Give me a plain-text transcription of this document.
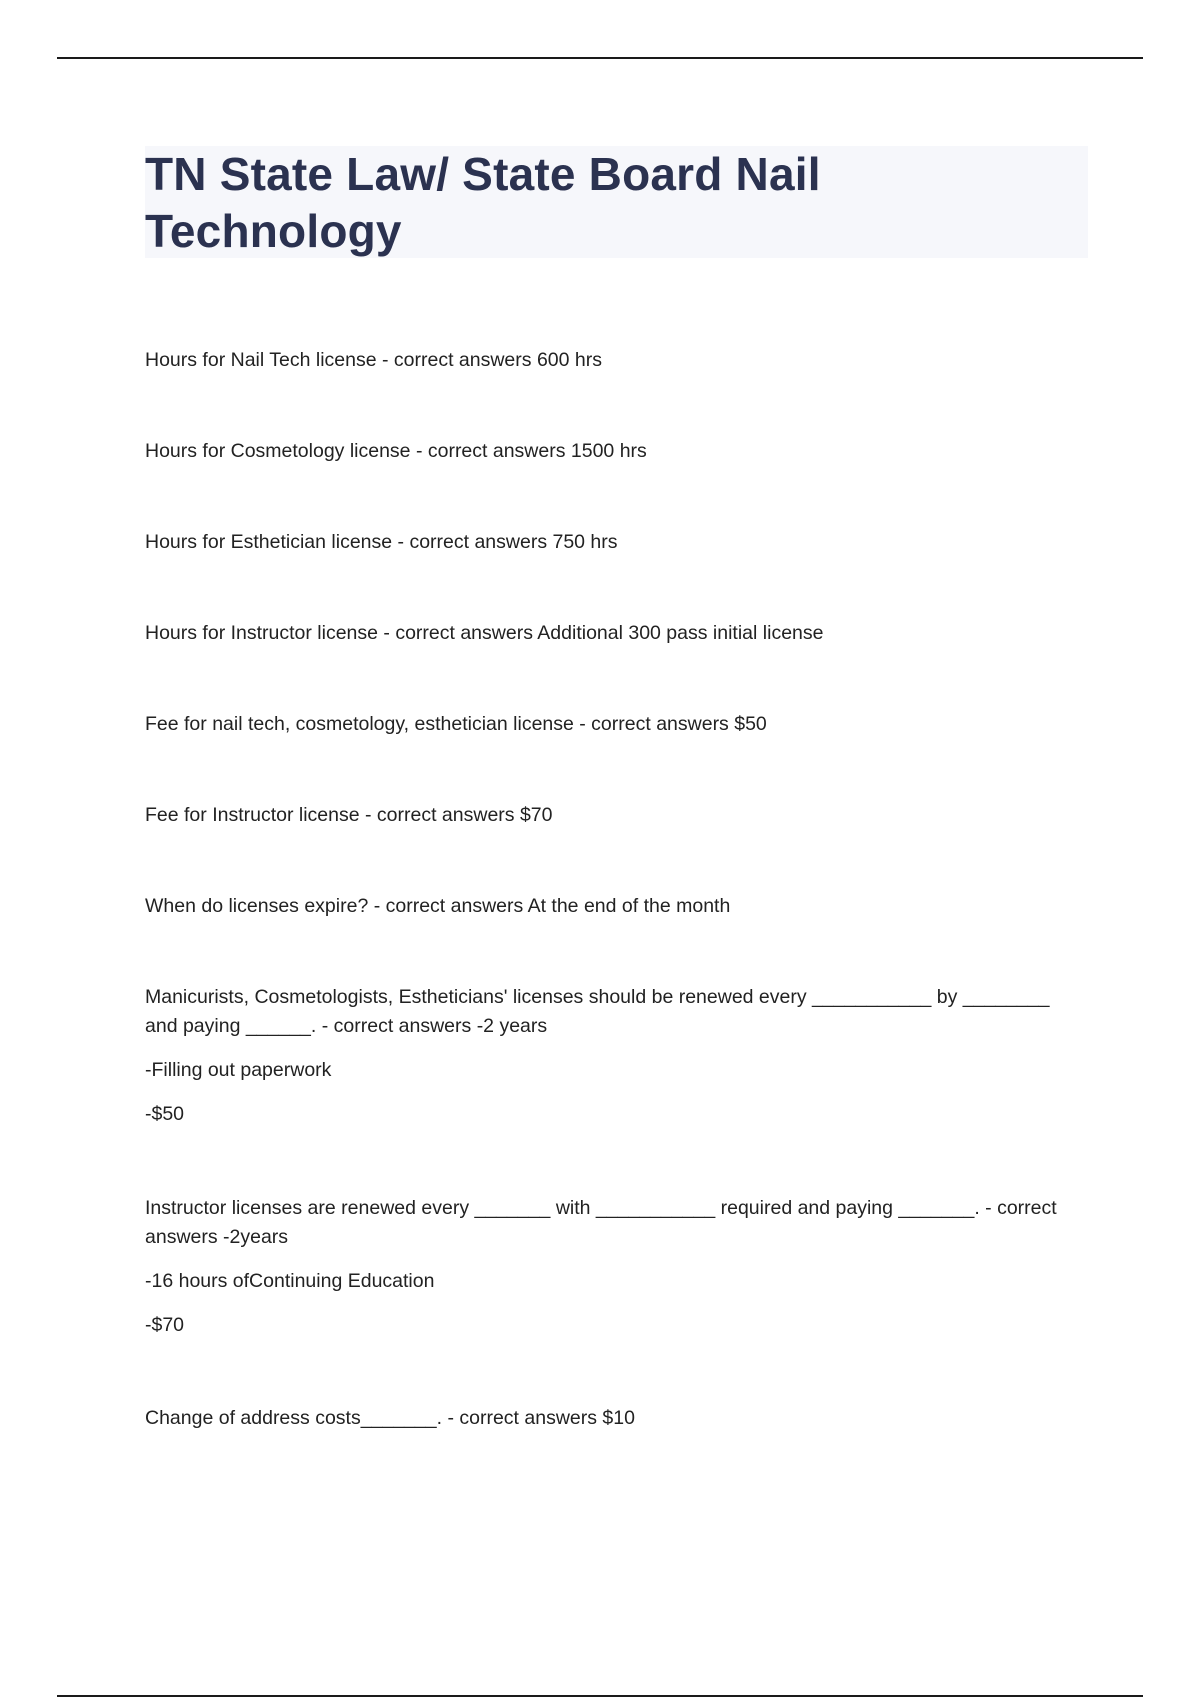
TN State Law/ State Board Nail Technology

Hours for Nail Tech license - correct answers 600 hrs

Hours for Cosmetology license - correct answers 1500 hrs

Hours for Esthetician license - correct answers 750 hrs

Hours for Instructor license - correct answers Additional 300 pass initial license

Fee for nail tech, cosmetology, esthetician license - correct answers $50

Fee for Instructor license - correct answers $70

When do licenses expire? - correct answers At the end of the month

Manicurists, Cosmetologists, Estheticians' licenses should be renewed every ___________ by ________ and paying ______. - correct answers -2 years

-Filling out paperwork

-$50

Instructor licenses are renewed every _______ with ___________ required and paying _______. - correct answers -2years

-16 hours ofContinuing Education

-$70

Change of address costs_______. - correct answers $10
